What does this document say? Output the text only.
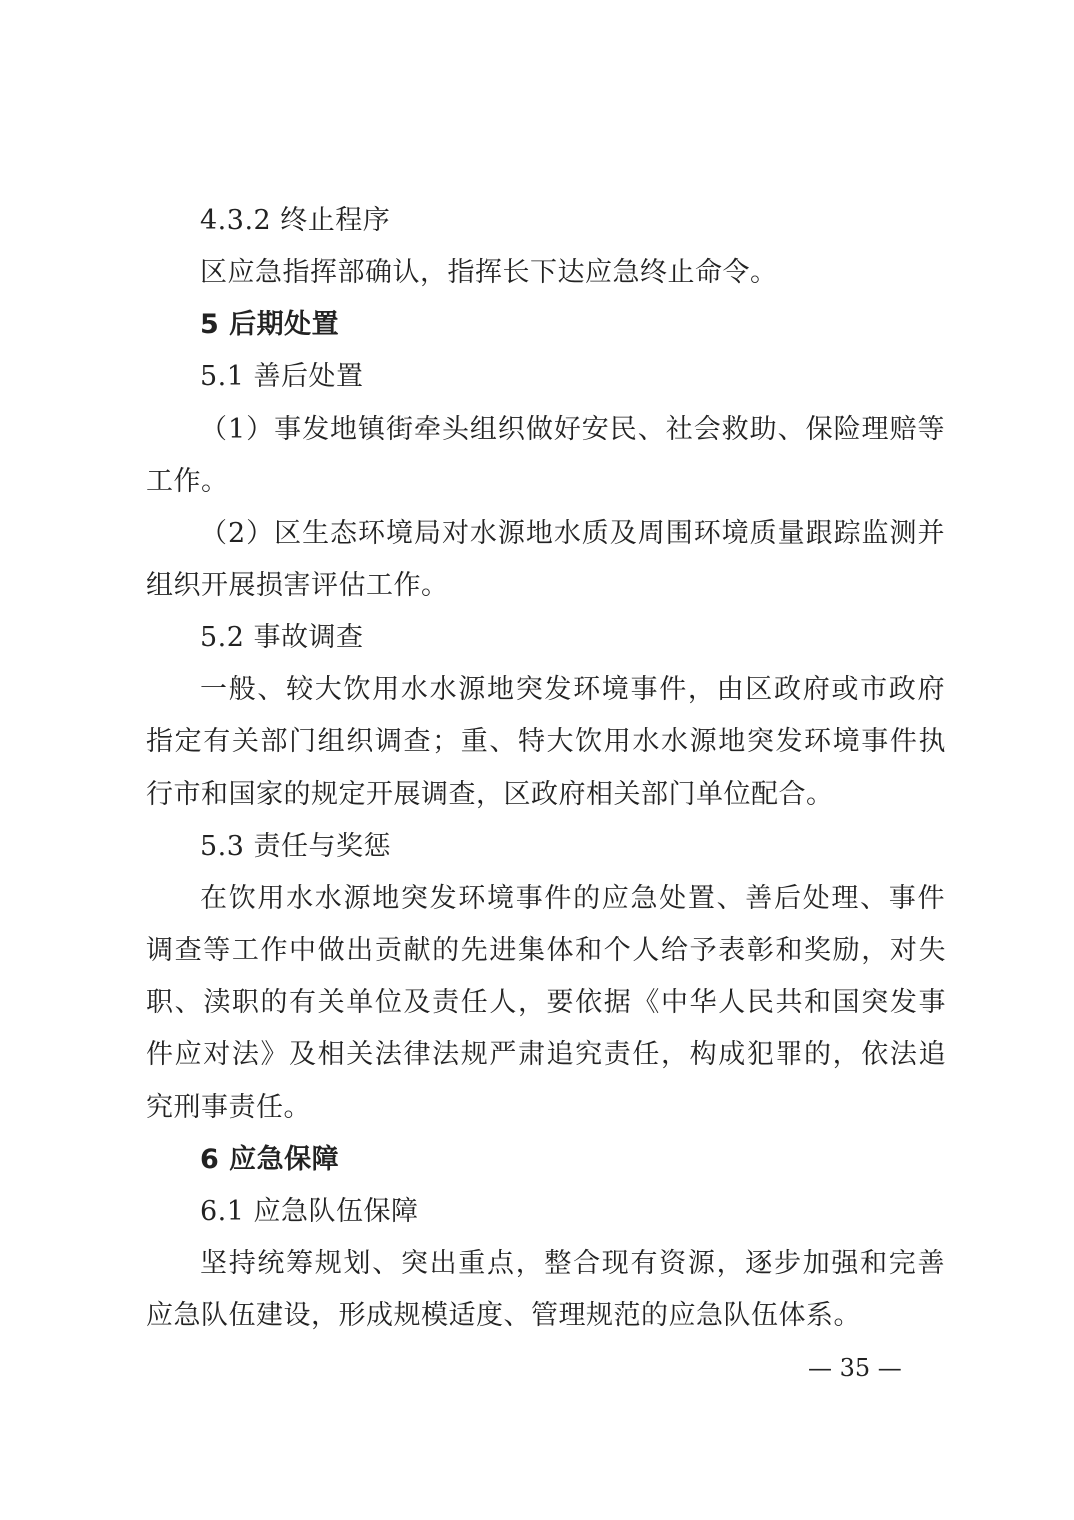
4.3.2 终止程序
区应急指挥部确认，指挥长下达应急终止命令。
5 后期处置
5.1 善后处置
（1）事发地镇街牵头组织做好安民、社会救助、保险理赔等
工作。
（2）区生态环境局对水源地水质及周围环境质量跟踪监测并
组织开展损害评估工作。
5.2 事故调查
一般、较大饮用水水源地突发环境事件，由区政府或市政府
指定有关部门组织调查；重、特大饮用水水源地突发环境事件执
行市和国家的规定开展调查，区政府相关部门单位配合。
5.3 责任与奖惩
在饮用水水源地突发环境事件的应急处置、善后处理、事件
调查等工作中做出贡献的先进集体和个人给予表彰和奖励，对失
职、渎职的有关单位及责任人，要依据《中华人民共和国突发事
件应对法》及相关法律法规严肃追究责任，构成犯罪的，依法追
究刑事责任。
6 应急保障
6.1 应急队伍保障
坚持统筹规划、突出重点，整合现有资源，逐步加强和完善
应急队伍建设，形成规模适度、管理规范的应急队伍体系。
— 35 —
